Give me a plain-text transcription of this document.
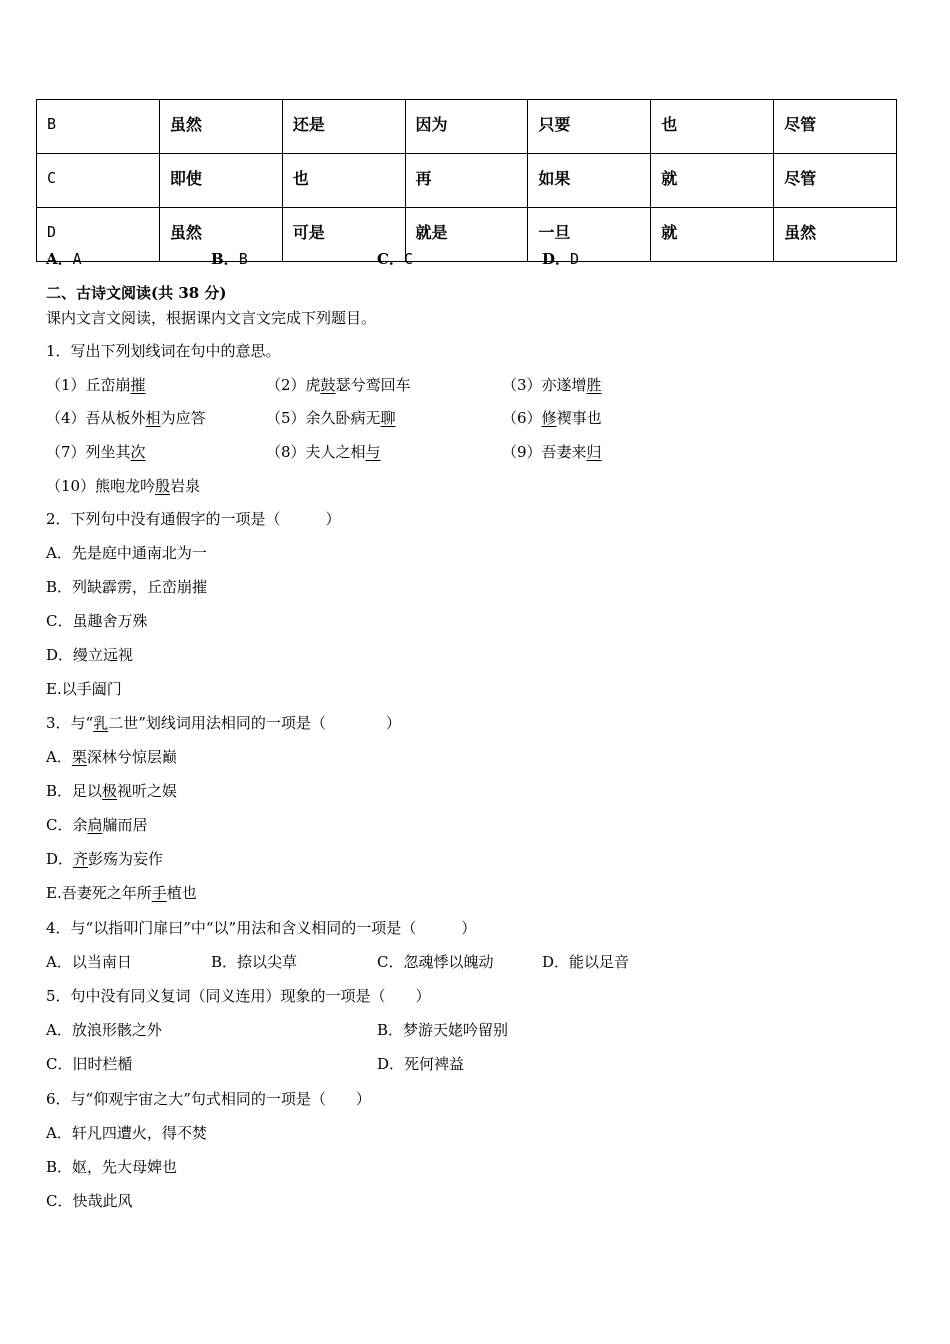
B	虽然	还是	因为	只要	也	尽管
C	即使	也	再	如果	就	尽管
D	虽然	可是	就是	一旦	就	虽然
A．A	B．B	C．C	D．D
二、古诗文阅读(共 38 分)
课内文言文阅读，根据课内文言文完成下列题目。
1．写出下列划线词在句中的意思。
（1）丘峦崩摧	（2）虎鼓瑟兮鸾回车	（3）亦遂增胜
（4）吾从板外相为应答	（5）余久卧病无聊	（6）修褉事也
（7）列坐其次	（8）夫人之相与	（9）吾妻来归
（10）熊咆龙吟殷岩泉
2．下列句中没有通假字的一项是（　　　）
A．先是庭中通南北为一
B．列缺霹雳，丘峦崩摧
C．虽趣舍万殊
D．缦立远视
E.以手阖门
3．与“乳二世”划线词用法相同的一项是（　　　　）
A．栗深林兮惊层巅
B．足以极视听之娱
C．余扃牖而居
D．齐彭殇为妄作
E.吾妻死之年所手植也
4．与“以指叩门扉曰”中“以”用法和含义相同的一项是（　　　）
A．以当南日	B．捺以尖草	C．忽魂悸以魄动	D．能以足音
5．句中没有同义复词（同义连用）现象的一项是（　　）
A．放浪形骸之外	B．梦游天姥吟留别
C．旧时栏楯	D．死何裨益
6．与“仰观宇宙之大”句式相同的一项是（　　）
A．轩凡四遭火，得不焚
B．妪，先大母婢也
C．快哉此风
